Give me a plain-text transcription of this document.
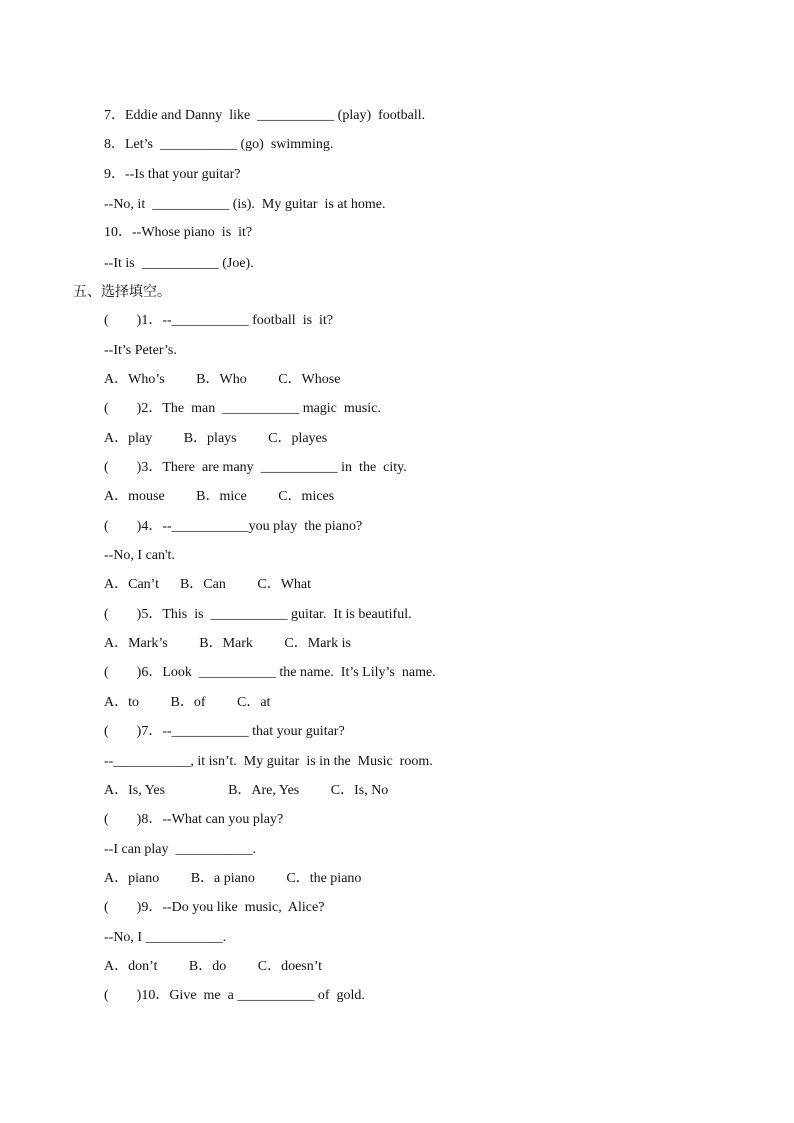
7．Eddie and Danny  like  ___________ (play)  football.
8．Let’s  ___________ (go)  swimming.
9．--Is that your guitar?
--No, it  ___________ (is).  My guitar  is at home.
10．--Whose piano  is  it?
--It is  ___________ (Joe).
五、选择填空。
(        )1．--___________ football  is  it?
--It’s Peter’s.
A．Who’s         B．Who         C．Whose
(        )2．The  man  ___________ magic  music.
A．play         B．plays         C．playes
(        )3．There  are many  ___________ in  the  city.
A．mouse         B．mice         C．mices
(        )4．--___________you play  the piano?
--No, I can't.
A．Can’t      B．Can         C．What
(        )5．This  is  ___________ guitar.  It is beautiful.
A．Mark’s         B．Mark         C．Mark is
(        )6．Look  ___________ the name.  It’s Lily’s  name.
A．to         B．of         C．at
(        )7．--___________ that your guitar?
--___________, it isn’t.  My guitar  is in the  Music  room.
A．Is, Yes                  B．Are, Yes         C．Is, No
(        )8．--What can you play?
--I can play  ___________.
A．piano         B．a piano         C．the piano
(        )9．--Do you like  music,  Alice?
--No, I ___________.
A．don’t         B．do         C．doesn’t
(        )10．Give  me  a ___________ of  gold.
